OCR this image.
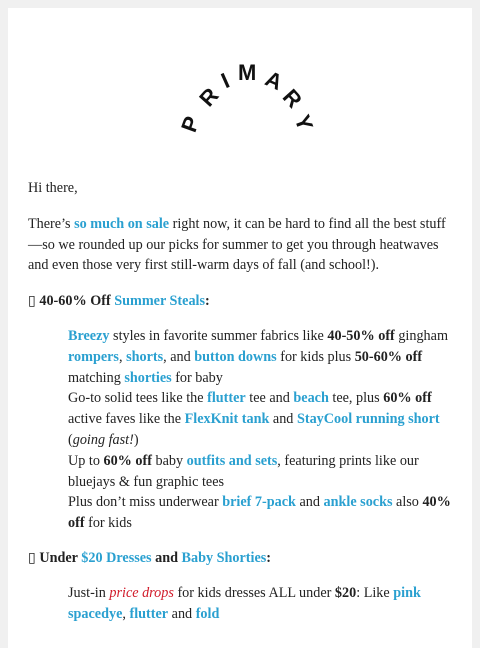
P
R
I M A
R
Y

Hi there,

There’s so much on sale right now, it can be hard to find all the best stuff—so we rounded up our picks for summer to get you through heatwaves and even those very first still-warm days of fall (and school!).

▯ 40-60% Off Summer Steals:

Breezy styles in favorite summer fabrics like 40-50% off gingham rompers, shorts, and button downs for kids plus 50-60% off matching shorties for baby
Go-to solid tees like the flutter tee and beach tee, plus 60% off active faves like the FlexKnit tank and StayCool running short (going fast!)
Up to 60% off baby outfits and sets, featuring prints like our bluejays & fun graphic tees
Plus don’t miss underwear brief 7-pack and ankle socks also 40% off for kids

▯ Under $20 Dresses and Baby Shorties:

Just-in price drops for kids dresses ALL under $20: Like pink spacedye, flutter and fold
